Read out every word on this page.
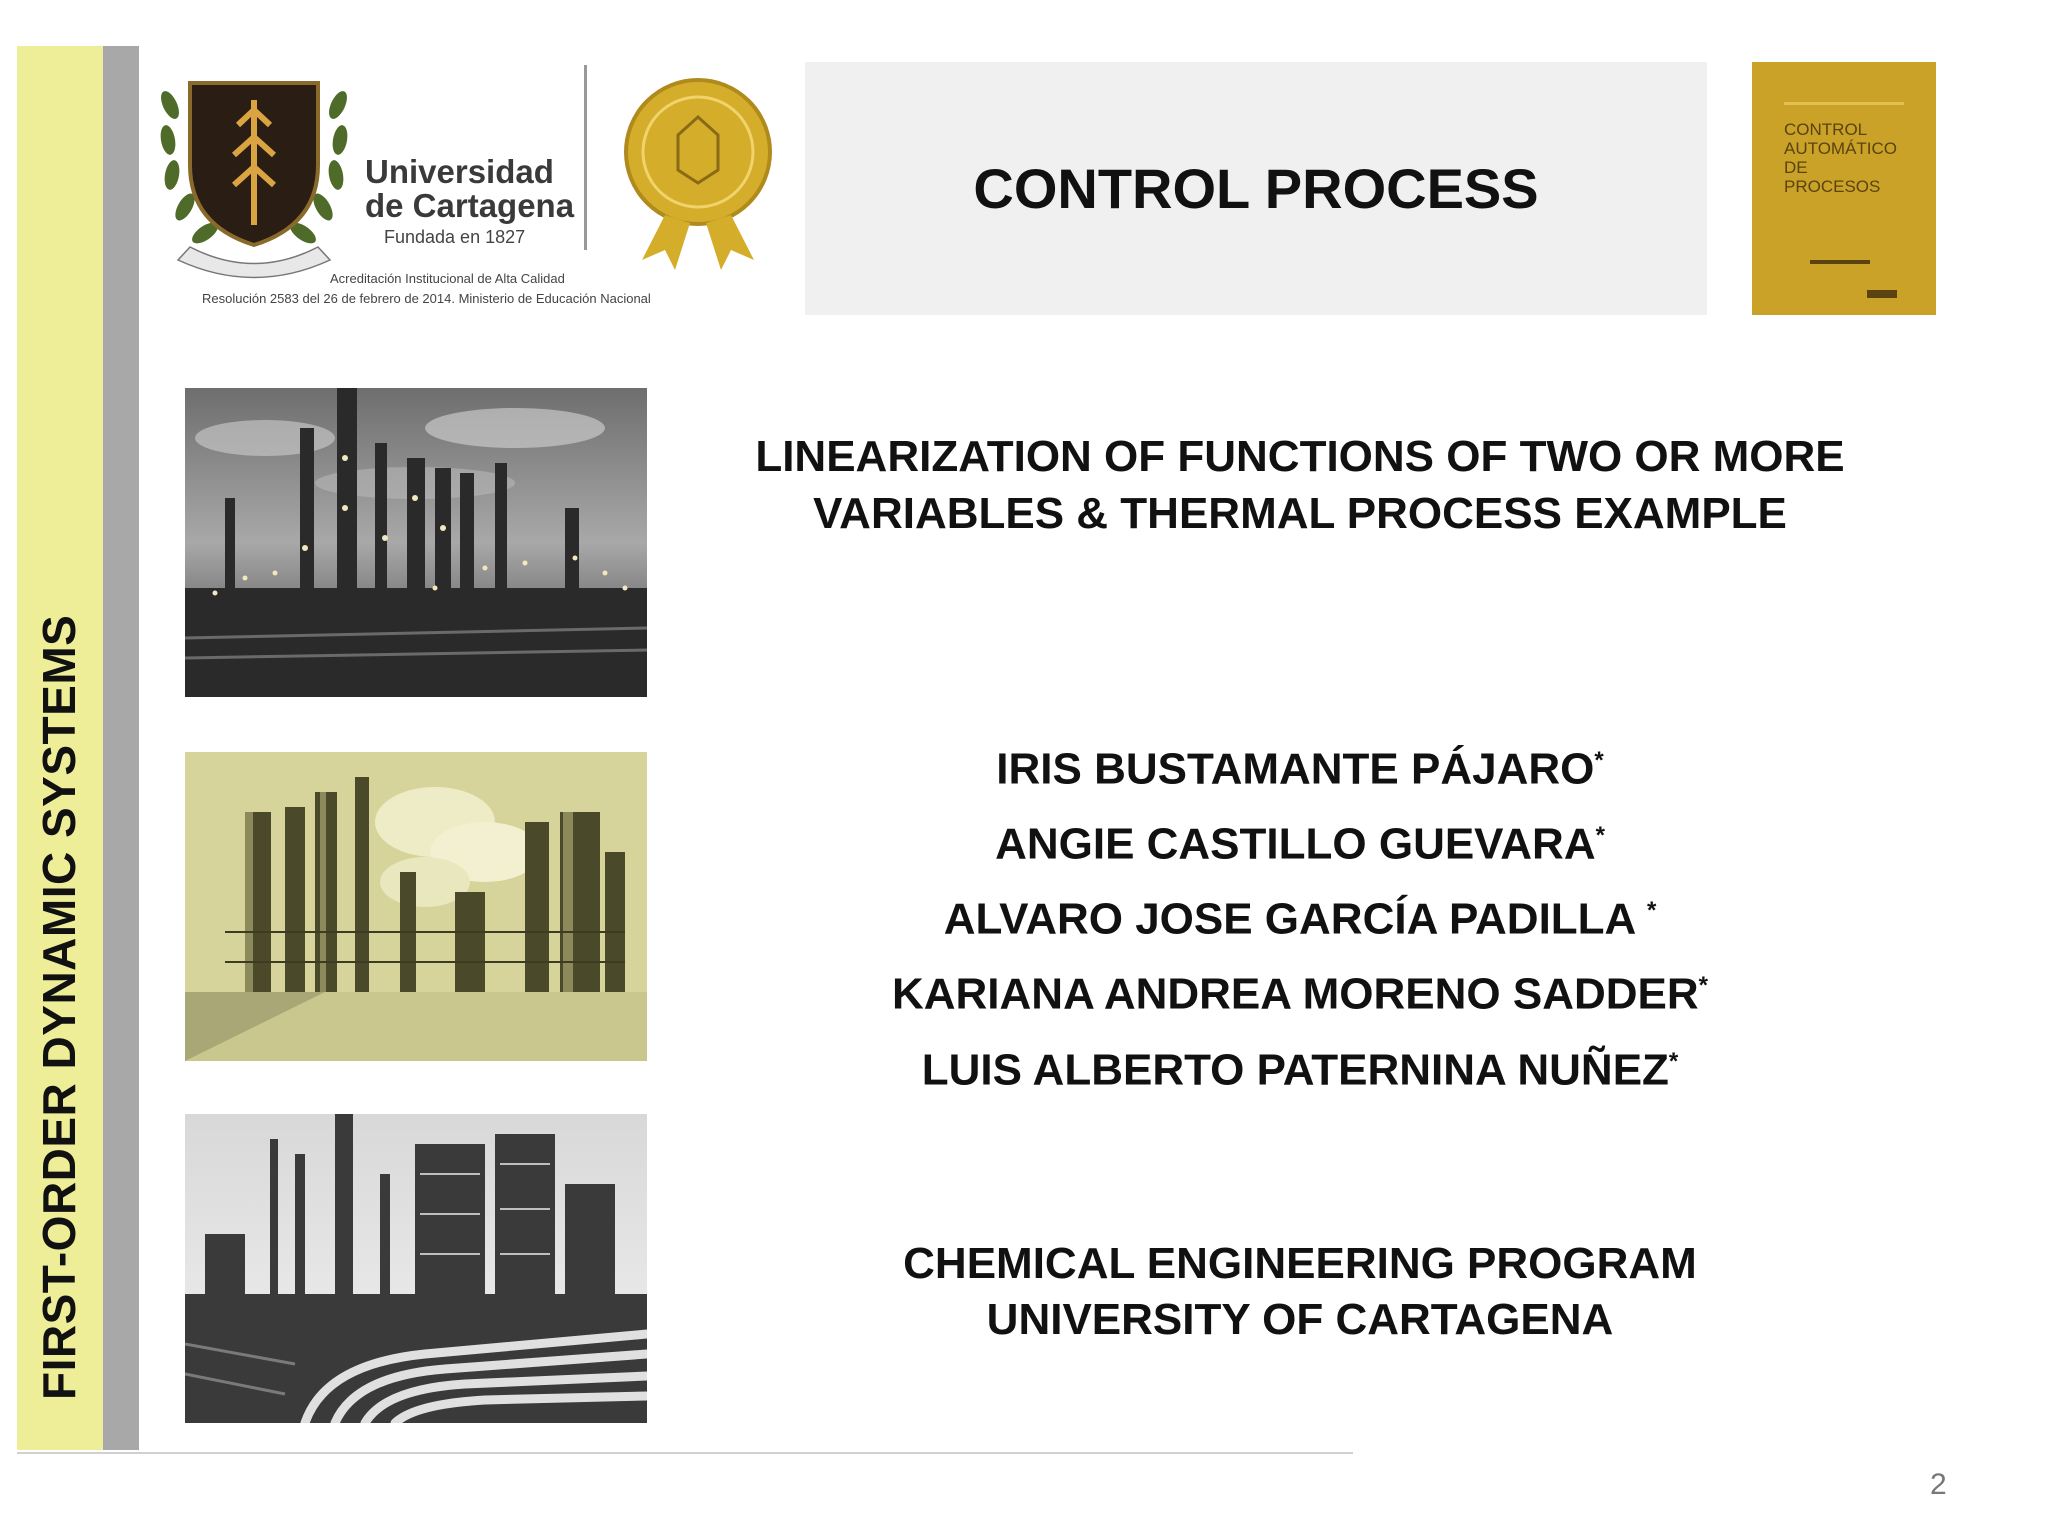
FIRST-ORDER DYNAMIC SYSTEMS
Universidad
de Cartagena
Fundada en 1827
Acreditación Institucional de Alta Calidad
Resolución 2583 del 26 de febrero de 2014. Ministerio de Educación Nacional
CONTROL PROCESS
CONTROL
AUTOMÁTICO
DE
PROCESOS
LINEARIZATION OF FUNCTIONS OF TWO OR MORE
VARIABLES & THERMAL PROCESS EXAMPLE
IRIS BUSTAMANTE PÁJARO*
ANGIE CASTILLO GUEVARA*
ALVARO JOSE GARCÍA PADILLA *
KARIANA ANDREA MORENO SADDER*
LUIS ALBERTO PATERNINA NUÑEZ*
CHEMICAL ENGINEERING PROGRAM
UNIVERSITY OF CARTAGENA
2
